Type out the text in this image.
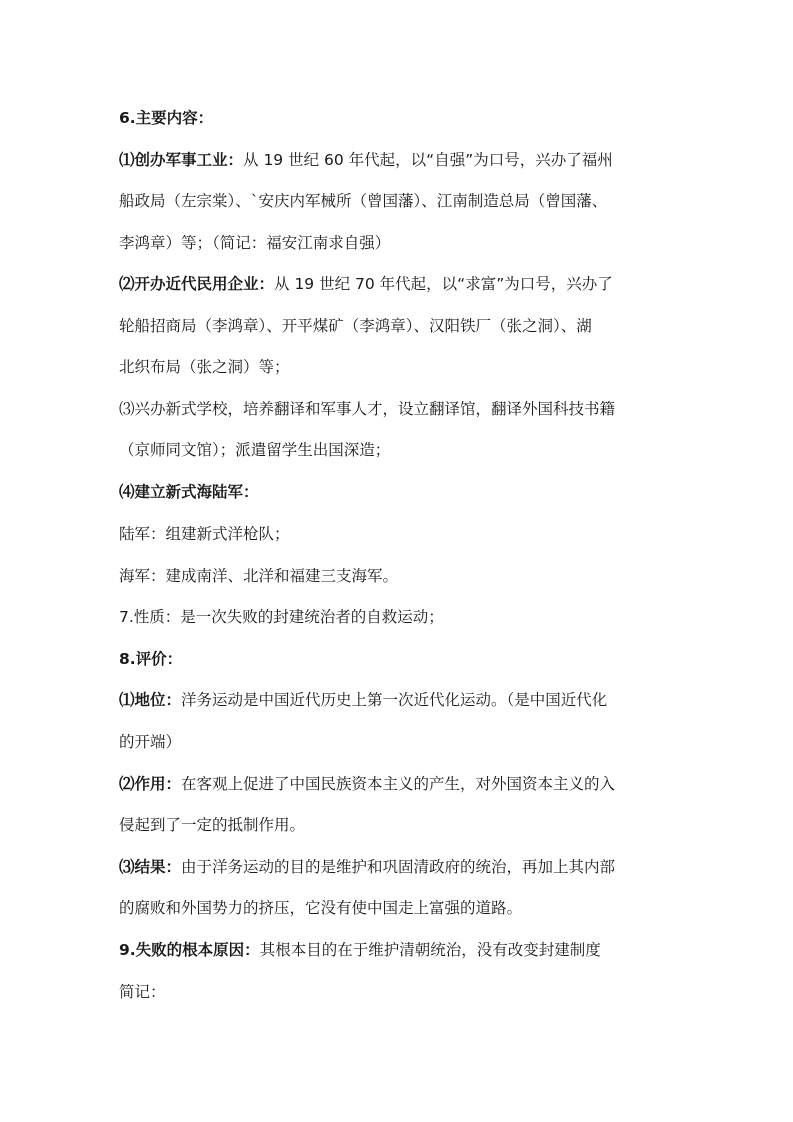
6.主要内容：
⑴创办军事工业：从 19 世纪 60 年代起，以“自强”为口号，兴办了福州
船政局（左宗棠）、`安庆内军械所（曾国藩）、江南制造总局（曾国藩、
李鸿章）等；（简记：福安江南求自强）
⑵开办近代民用企业：从 19 世纪 70 年代起，以“求富”为口号，兴办了
轮船招商局（李鸿章）、开平煤矿（李鸿章）、汉阳铁厂（张之洞）、湖
北织布局（张之洞）等；
⑶兴办新式学校，培养翻译和军事人才，设立翻译馆，翻译外国科技书籍
（京师同文馆）；派遣留学生出国深造；
⑷建立新式海陆军：
陆军：组建新式洋枪队；
海军：建成南洋、北洋和福建三支海军。
7.性质：是一次失败的封建统治者的自救运动；
8.评价：
⑴地位：洋务运动是中国近代历史上第一次近代化运动。（是中国近代化
的开端）
⑵作用：在客观上促进了中国民族资本主义的产生，对外国资本主义的入
侵起到了一定的抵制作用。
⑶结果：由于洋务运动的目的是维护和巩固清政府的统治，再加上其内部
的腐败和外国势力的挤压，它没有使中国走上富强的道路。
9.失败的根本原因：其根本目的在于维护清朝统治，没有改变封建制度
简记：
